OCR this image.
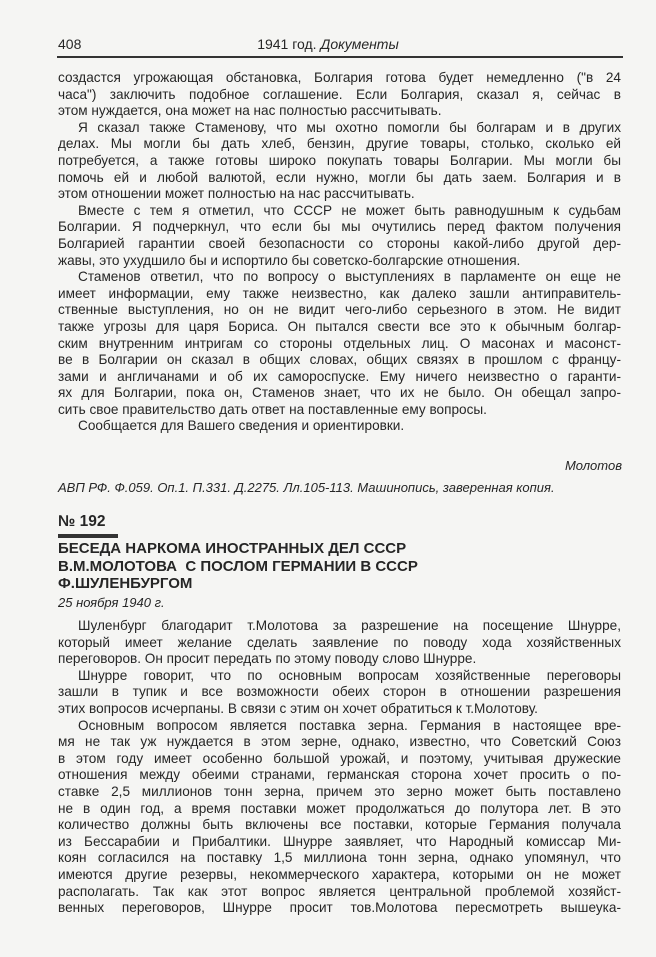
408	1941 год. Документы
создастся угрожающая обстановка, Болгария готова будет немедленно ("в 24
часа") заключить подобное соглашение. Если Болгария, сказал я, сейчас в
этом нуждается, она может на нас полностью рассчитывать.
Я сказал также Стаменову, что мы охотно помогли бы болгарам и в других
делах. Мы могли бы дать хлеб, бензин, другие товары, столько, сколько ей
потребуется, а также готовы широко покупать товары Болгарии. Мы могли бы
помочь ей и любой валютой, если нужно, могли бы дать заем. Болгария и в
этом отношении может полностью на нас рассчитывать.
Вместе с тем я отметил, что СССР не может быть равнодушным к судьбам
Болгарии. Я подчеркнул, что если бы мы очутились перед фактом получения
Болгарией гарантии своей безопасности со стороны какой-либо другой дер-
жавы, это ухудшило бы и испортило бы советско-болгарские отношения.
Стаменов ответил, что по вопросу о выступлениях в парламенте он еще не
имеет информации, ему также неизвестно, как далеко зашли антиправитель-
ственные выступления, но он не видит чего-либо серьезного в этом. Не видит
также угрозы для царя Бориса. Он пытался свести все это к обычным болгар-
ским внутренним интригам со стороны отдельных лиц. О масонах и масонст-
ве в Болгарии он сказал в общих словах, общих связях в прошлом с францу-
зами и англичанами и об их самороспуске. Ему ничего неизвестно о гаранти-
ях для Болгарии, пока он, Стаменов знает, что их не было. Он обещал запро-
сить свое правительство дать ответ на поставленные ему вопросы.
Сообщается для Вашего сведения и ориентировки.
Молотов
АВП РФ. Ф.059. Оп.1. П.331. Д.2275. Лл.105-113. Машинопись, заверенная копия.
№ 192
БЕСЕДА НАРКОМА ИНОСТРАННЫХ ДЕЛ СССР
В.М.МОЛОТОВА  С ПОСЛОМ ГЕРМАНИИ В СССР
Ф.ШУЛЕНБУРГОМ
25 ноября 1940 г.
Шуленбург благодарит т.Молотова за разрешение на посещение Шнурре,
который имеет желание сделать заявление по поводу хода хозяйственных
переговоров. Он просит передать по этому поводу слово Шнурре.
Шнурре говорит, что по основным вопросам хозяйственные переговоры
зашли в тупик и все возможности обеих сторон в отношении разрешения
этих вопросов исчерпаны. В связи с этим он хочет обратиться к т.Молотову.
Основным вопросом является поставка зерна. Германия в настоящее вре-
мя не так уж нуждается в этом зерне, однако, известно, что Советский Союз
в этом году имеет особенно большой урожай, и поэтому, учитывая дружеские
отношения между обеими странами, германская сторона хочет просить о по-
ставке 2,5 миллионов тонн зерна, причем это зерно может быть поставлено
не в один год, а время поставки может продолжаться до полутора лет. В это
количество должны быть включены все поставки, которые Германия получала
из Бессарабии и Прибалтики. Шнурре заявляет, что Народный комиссар Ми-
коян согласился на поставку 1,5 миллиона тонн зерна, однако упомянул, что
имеются другие резервы, некоммерческого характера, которыми он не может
располагать. Так как этот вопрос является центральной проблемой хозяйст-
венных переговоров, Шнурре просит тов.Молотова пересмотреть вышеука-
